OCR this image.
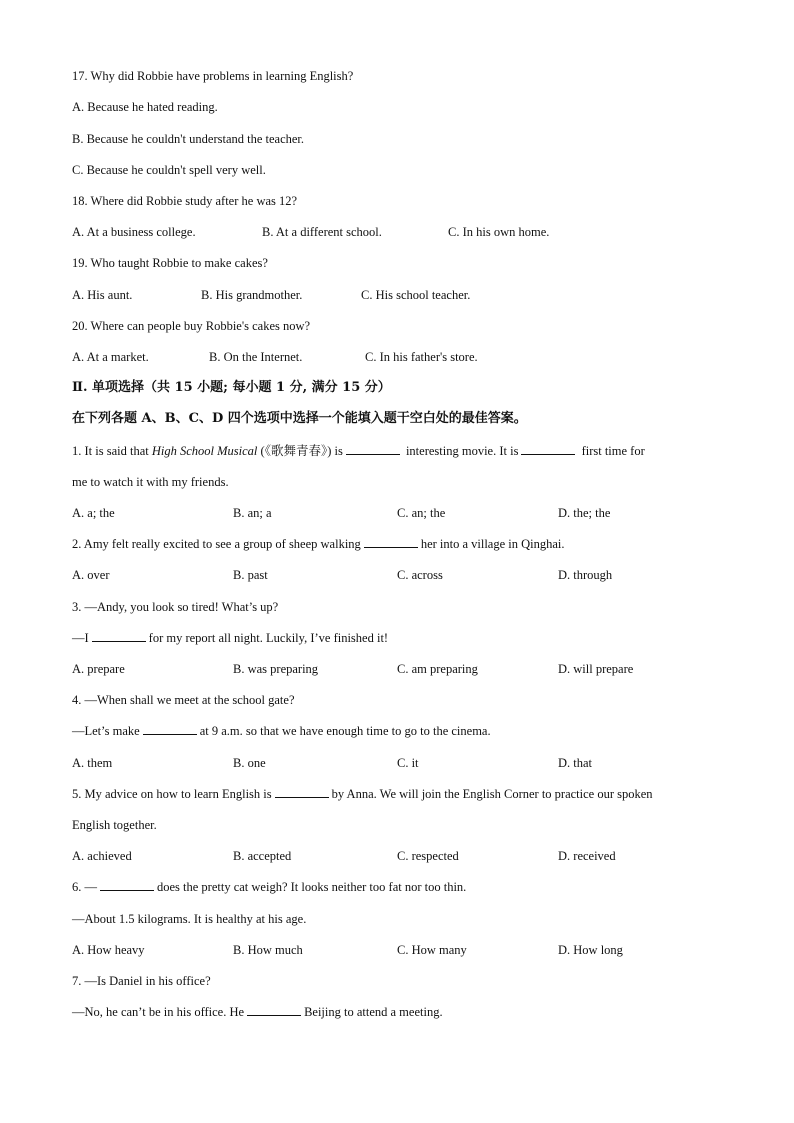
17. Why did Robbie have problems in learning English?
A. Because he hated reading.
B. Because he couldn't understand the teacher.
C. Because he couldn't spell very well.
18. Where did Robbie study after he was 12?
A. At a business college.	B. At a different school.	C. In his own home.
19. Who taught Robbie to make cakes?
A. His aunt.	B. His grandmother.	C. His school teacher.
20. Where can people buy Robbie's cakes now?
A. At a market.	B. On the Internet.	C. In his father's store.
Ⅱ. 单项选择（共 15 小题; 每小题 1 分, 满分 15 分）
在下列各题 A、B、C、D 四个选项中选择一个能填入题干空白处的最佳答案。
1. It is said that High School Musical (《歌舞青春》) is	interesting movie. It is	first time for
me to watch it with my friends.
A. a; the	B. an; a	C. an; the	D. the; the
2. Amy felt really excited to see a group of sheep walking	her into a village in Qinghai.
A. over	B. past	C. across	D. through
3. —Andy, you look so tired! What’s up?
—I	for my report all night. Luckily, I’ve finished it!
A. prepare	B. was preparing	C. am preparing	D. will prepare
4. —When shall we meet at the school gate?
—Let’s make	at 9 a.m. so that we have enough time to go to the cinema.
A. them	B. one	C. it	D. that
5. My advice on how to learn English is	by Anna. We will join the English Corner to practice our spoken
English together.
A. achieved	B. accepted	C. respected	D. received
6. —	does the pretty cat weigh? It looks neither too fat nor too thin.
—About 1.5 kilograms. It is healthy at his age.
A. How heavy	B. How much	C. How many	D. How long
7. —Is Daniel in his office?
—No, he can’t be in his office. He	Beijing to attend a meeting.
